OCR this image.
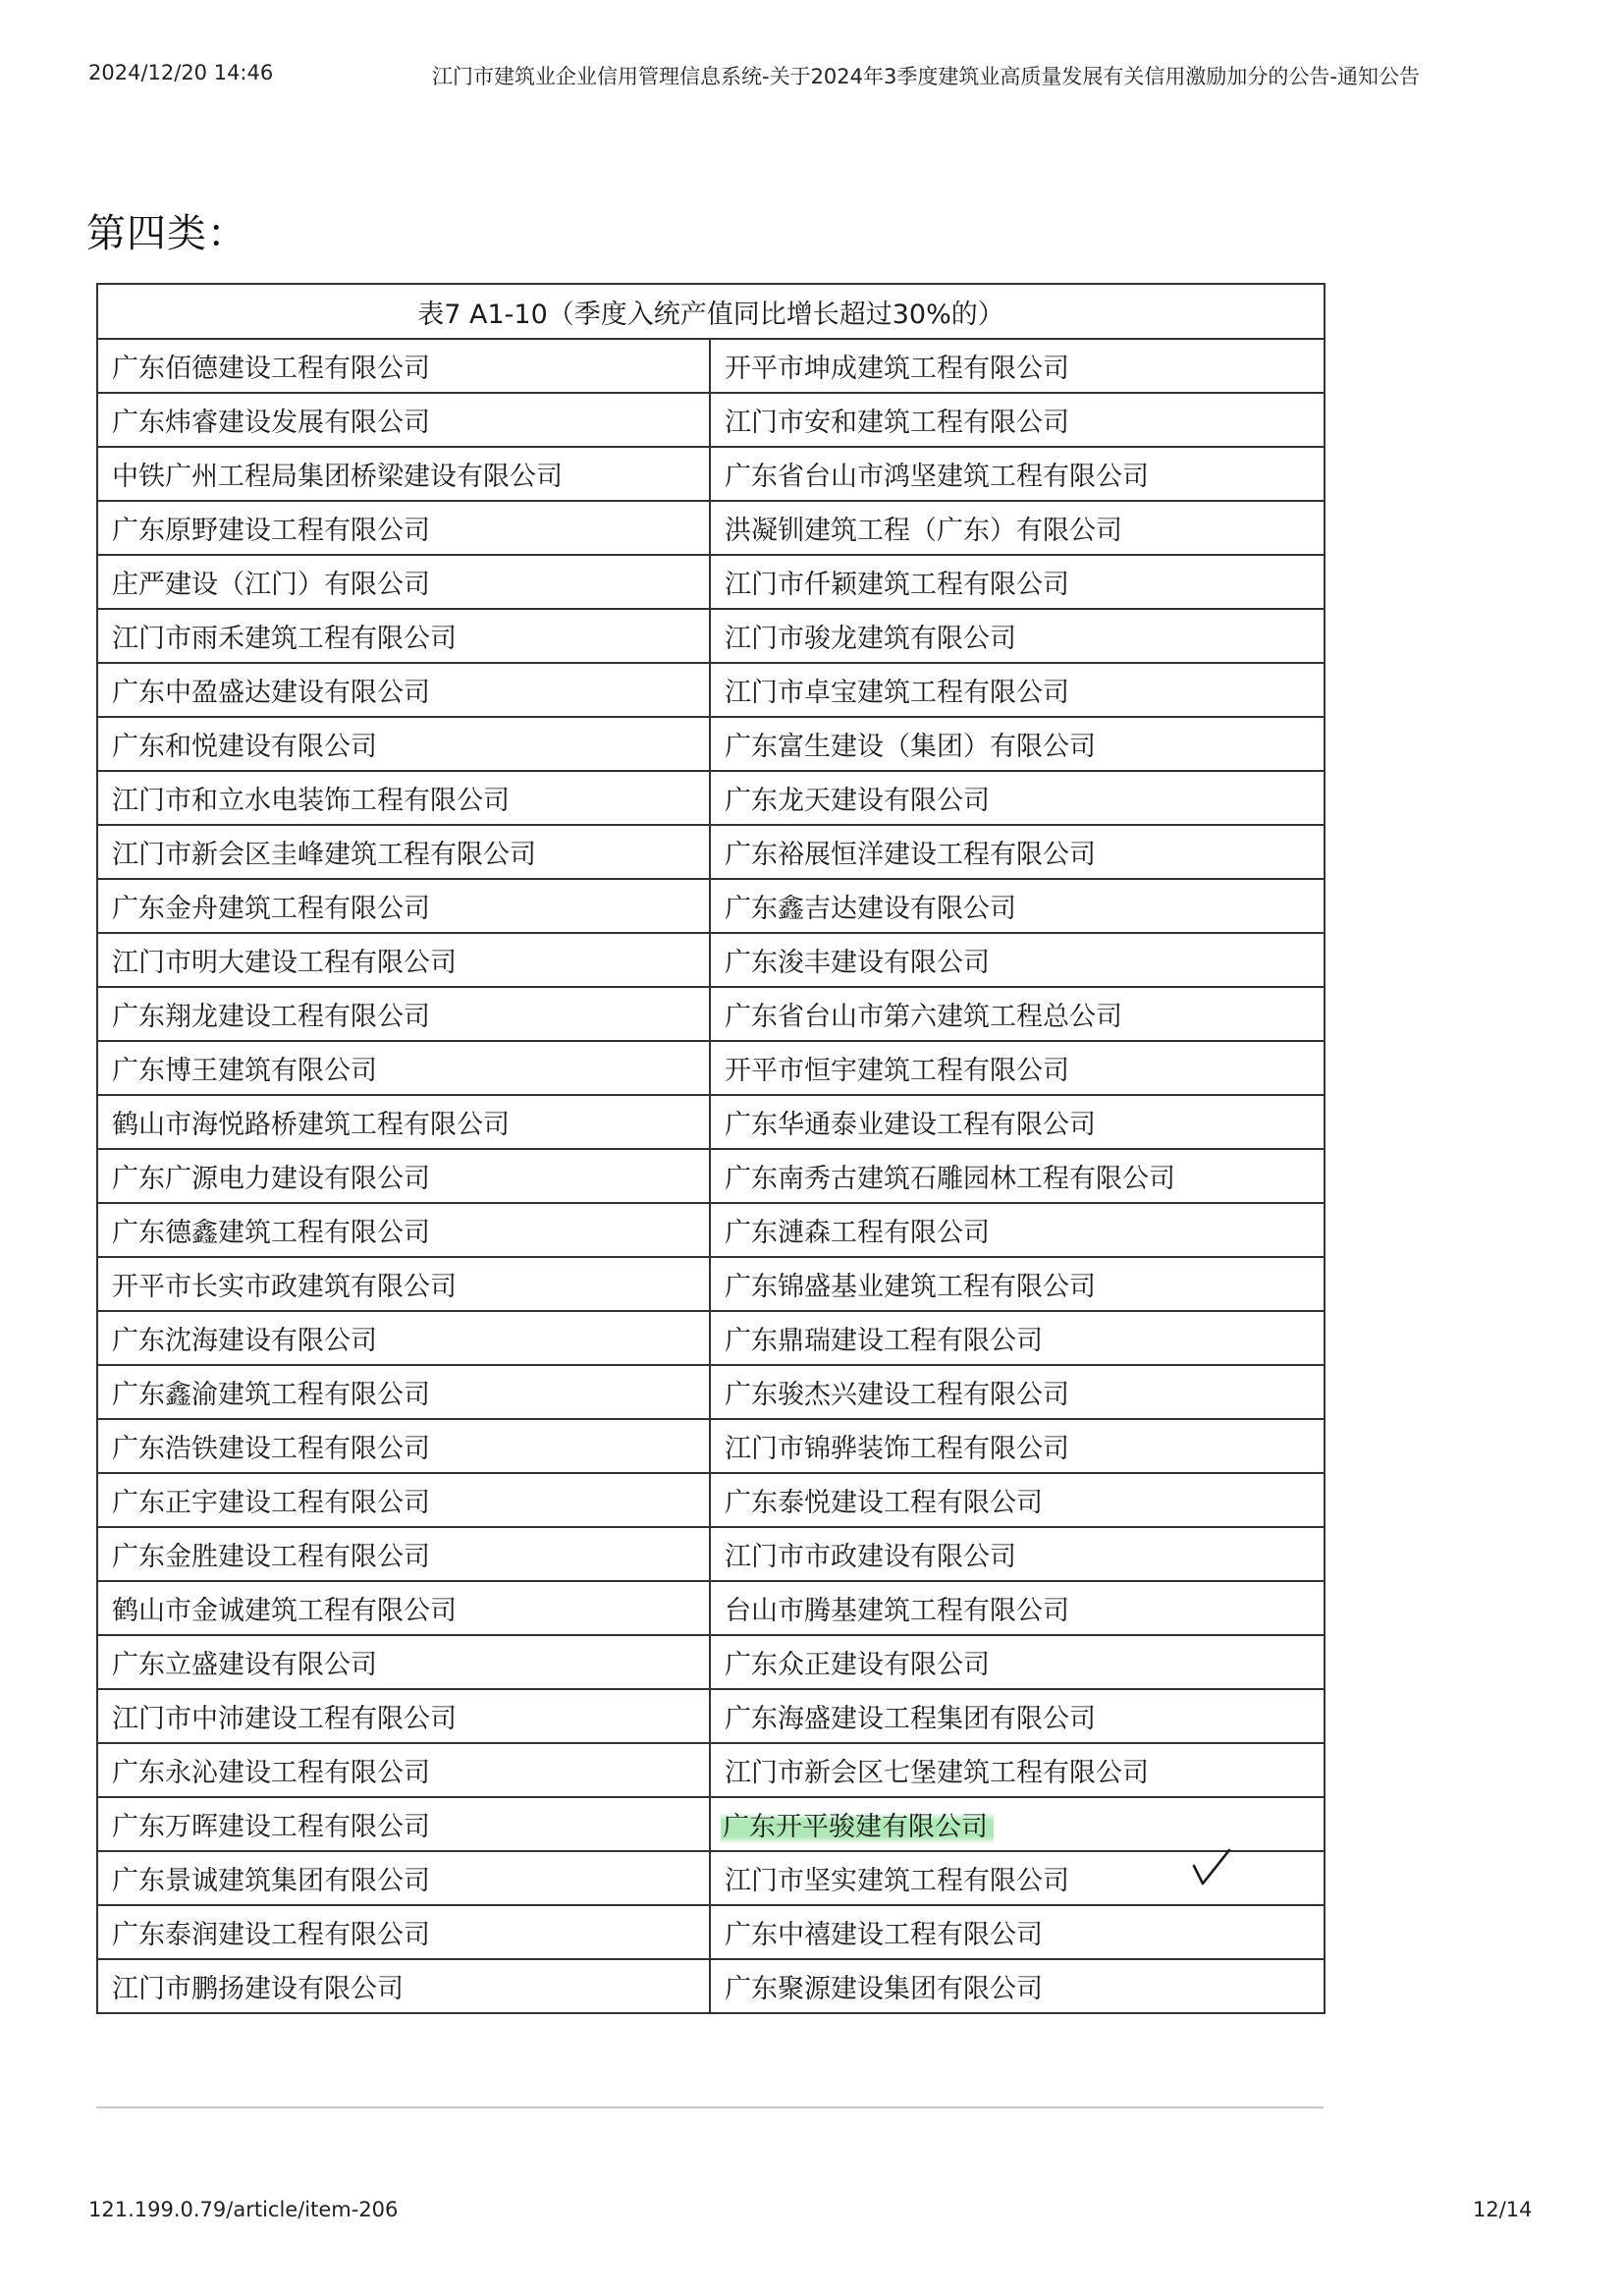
2024/12/20 14:46	江门市建筑业企业信用管理信息系统-关于2024年3季度建筑业高质量发展有关信用激励加分的公告-通知公告
第四类：
表7 A1-10（季度入统产值同比增长超过30%的）	
广东佰德建设工程有限公司	开平市坤成建筑工程有限公司
广东炜睿建设发展有限公司	江门市安和建筑工程有限公司
中铁广州工程局集团桥梁建设有限公司	广东省台山市鸿坚建筑工程有限公司
广东原野建设工程有限公司	洪凝钏建筑工程（广东）有限公司
庄严建设（江门）有限公司	江门市仟颖建筑工程有限公司
江门市雨禾建筑工程有限公司	江门市骏龙建筑有限公司
广东中盈盛达建设有限公司	江门市卓宝建筑工程有限公司
广东和悦建设有限公司	广东富生建设（集团）有限公司
江门市和立水电装饰工程有限公司	广东龙天建设有限公司
江门市新会区圭峰建筑工程有限公司	广东裕展恒洋建设工程有限公司
广东金舟建筑工程有限公司	广东鑫吉达建设有限公司
江门市明大建设工程有限公司	广东浚丰建设有限公司
广东翔龙建设工程有限公司	广东省台山市第六建筑工程总公司
广东博王建筑有限公司	开平市恒宇建筑工程有限公司
鹤山市海悦路桥建筑工程有限公司	广东华通泰业建设工程有限公司
广东广源电力建设有限公司	广东南秀古建筑石雕园林工程有限公司
广东德鑫建筑工程有限公司	广东漣森工程有限公司
开平市长实市政建筑有限公司	广东锦盛基业建筑工程有限公司
广东沈海建设有限公司	广东鼎瑞建设工程有限公司
广东鑫渝建筑工程有限公司	广东骏杰兴建设工程有限公司
广东浩铁建设工程有限公司	江门市锦骅装饰工程有限公司
广东正宇建设工程有限公司	广东泰悦建设工程有限公司
广东金胜建设工程有限公司	江门市市政建设有限公司
鹤山市金诚建筑工程有限公司	台山市腾基建筑工程有限公司
广东立盛建设有限公司	广东众正建设有限公司
江门市中沛建设工程有限公司	广东海盛建设工程集团有限公司
广东永沁建设工程有限公司	江门市新会区七堡建筑工程有限公司
广东万晖建设工程有限公司	广东开平骏建有限公司
广东景诚建筑集团有限公司	江门市坚实建筑工程有限公司
广东泰润建设工程有限公司	广东中禧建设工程有限公司
江门市鹏扬建设有限公司	广东聚源建设集团有限公司
121.199.0.79/article/item-206	12/14
